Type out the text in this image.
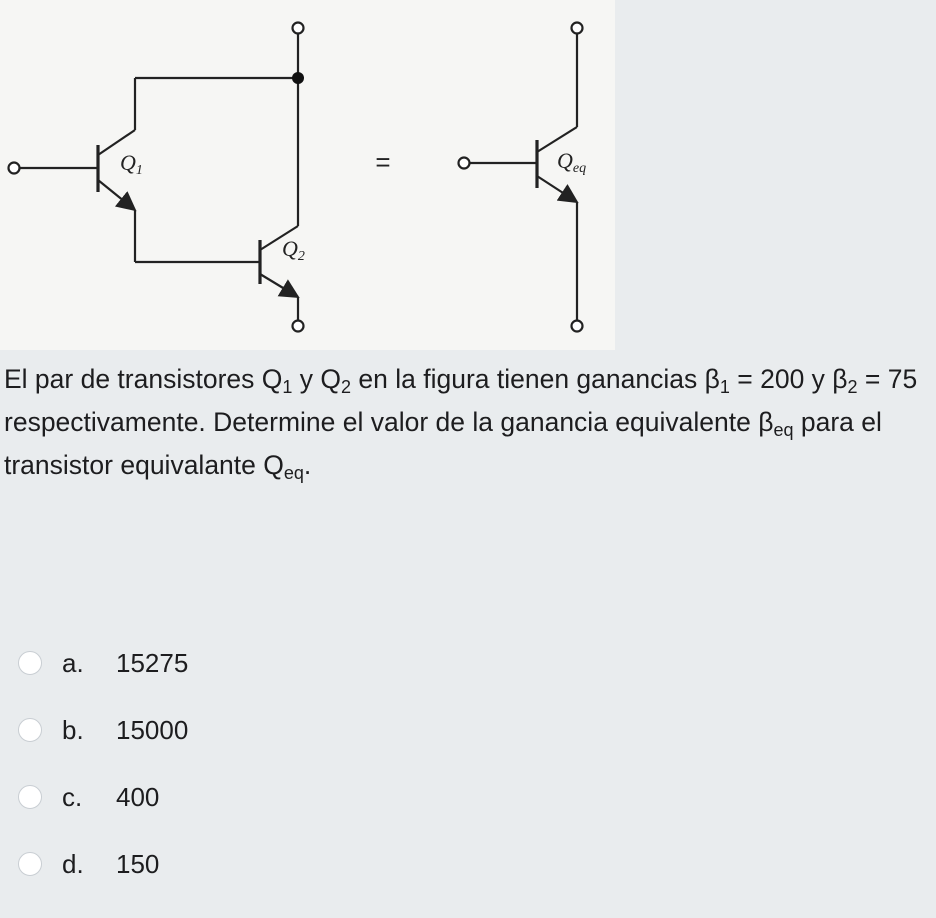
Q1
Q2
=	Qeq

El par de transistores $Q_1$ y $Q_2$ en la figura tienen ganancias $\beta_1 = 200$ y $\beta_2 = 75$ respectivamente. Determine el valor de la ganancia equivalente $\beta_{eq}$ para el transistor equivalante $Q_{eq}$.

a.	15275
b.	15000
c.	400
d.	150
